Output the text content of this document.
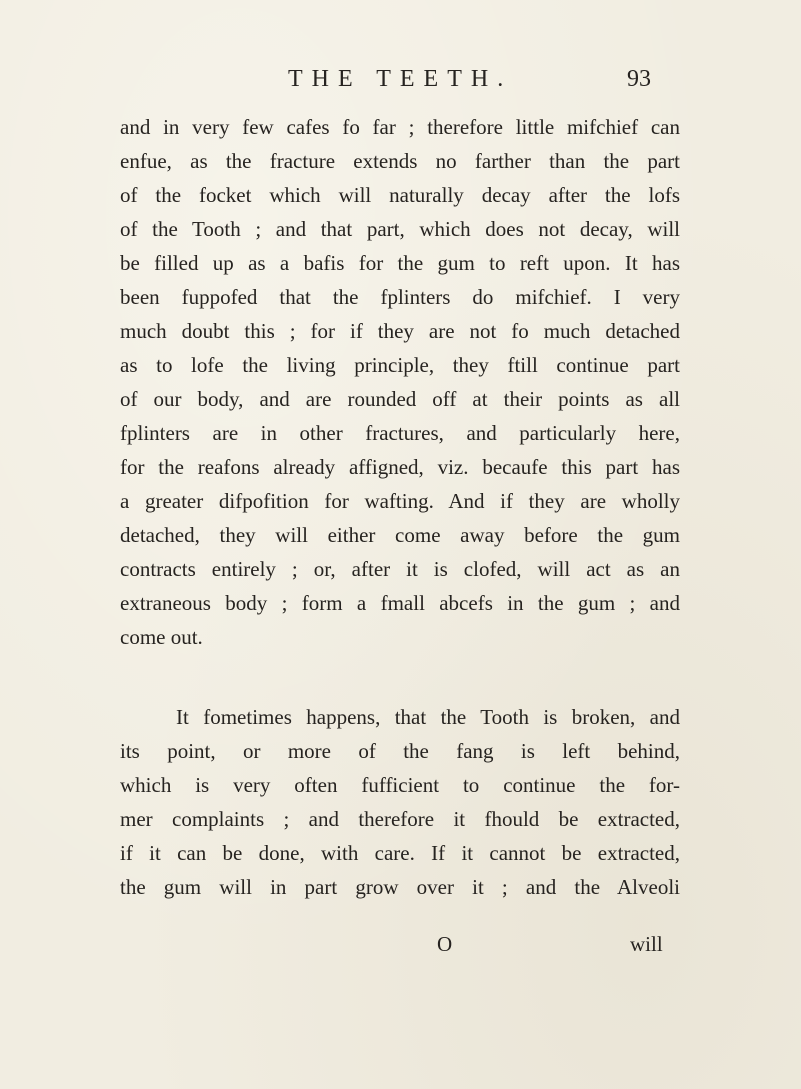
THE TEETH.	93
and in very few cafes fo far ; therefore little mifchief can
enfue, as the fracture extends no farther than the part
of the focket which will naturally decay after the lofs
of the Tooth ; and that part, which does not decay, will
be filled up as a bafis for the gum to reft upon. It has
been fuppofed that the fplinters do mifchief. I very
much doubt this ; for if they are not fo much detached
as to lofe the living principle, they ftill continue part
of our body, and are rounded off at their points as all
fplinters are in other fractures, and particularly here,
for the reafons already affigned, viz. becaufe this part has
a greater difpofition for wafting. And if they are wholly
detached, they will either come away before the gum
contracts entirely ; or, after it is clofed, will act as an
extraneous body ; form a fmall abcefs in the gum ; and
come out.
It fometimes happens, that the Tooth is broken, and
its point, or more of the fang is left behind,
which is very often fufficient to continue the for-
mer complaints ; and therefore it fhould be extracted,
if it can be done, with care. If it cannot be extracted,
the gum will in part grow over it ; and the Alveoli
O	will
